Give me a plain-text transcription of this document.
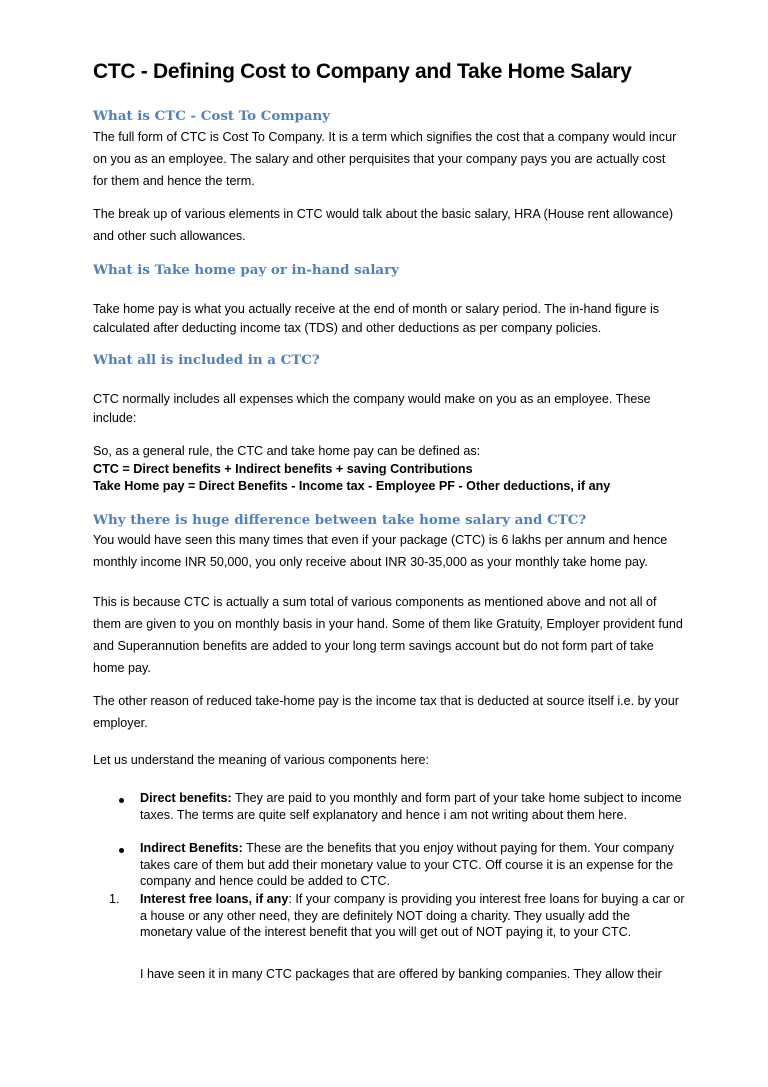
CTC - Defining Cost to Company and Take Home Salary
What is CTC - Cost To Company

The full form of CTC is Cost To Company. It is a term which signifies the cost that a company would incur on you as an employee. The salary and other perquisites that your company pays you are actually cost for them and hence the term.

The break up of various elements in CTC would talk about the basic salary, HRA (House rent allowance) and other such allowances.

What is Take home pay or in-hand salary

Take home pay is what you actually receive at the end of month or salary period. The in-hand figure is calculated after deducting income tax (TDS) and other deductions as per company policies.

What all is included in a CTC?

CTC normally includes all expenses which the company would make on you as an employee. These include:

So, as a general rule, the CTC and take home pay can be defined as:

CTC = Direct benefits + Indirect benefits + saving Contributions

Take Home pay = Direct Benefits - Income tax - Employee PF - Other deductions, if any

Why there is huge difference between take home salary and CTC?

You would have seen this many times that even if your package (CTC) is 6 lakhs per annum and hence monthly income INR 50,000, you only receive about INR 30-35,000 as your monthly take home pay.

This is because CTC is actually a sum total of various components as mentioned above and not all of them are given to you on monthly basis in your hand. Some of them like Gratuity, Employer provident fund and Superannution benefits are added to your long term savings account but do not form part of take home pay.

The other reason of reduced take-home pay is the income tax that is deducted at source itself i.e. by your employer.

Let us understand the meaning of various components here:

Direct benefits: They are paid to you monthly and form part of your take home subject to income taxes. The terms are quite self explanatory and hence i am not writing about them here.

Indirect Benefits: These are the benefits that you enjoy without paying for them. Your company takes care of them but add their monetary value to your CTC. Off course it is an expense for the company and hence could be added to CTC.

1. Interest free loans, if any: If your company is providing you interest free loans for buying a car or a house or any other need, they are definitely NOT doing a charity. They usually add the monetary value of the interest benefit that you will get out of NOT paying it, to your CTC.

I have seen it in many CTC packages that are offered by banking companies. They allow their
